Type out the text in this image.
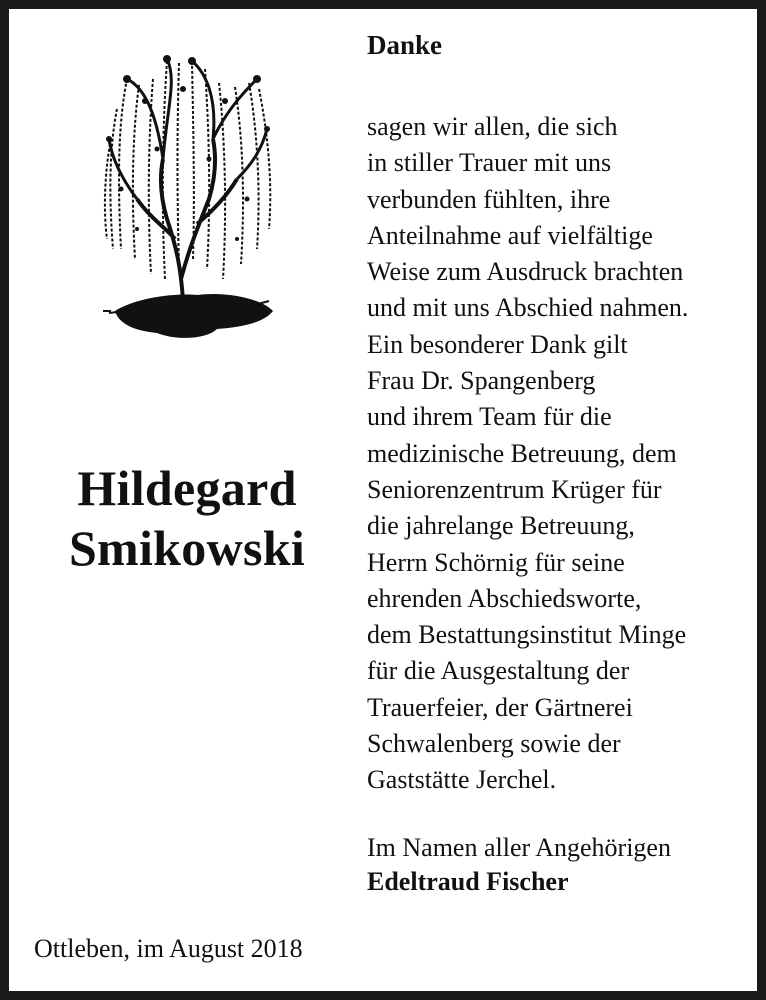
Hildegard
Smikowski
Ottleben, im August 2018
Danke
sagen wir allen, die sich
in stiller Trauer mit uns
verbunden fühlten, ihre
Anteilnahme auf vielfältige
Weise zum Ausdruck brachten
und mit uns Abschied nahmen.
Ein besonderer Dank gilt
Frau Dr. Spangenberg
und ihrem Team für die
medizinische Betreuung, dem
Seniorenzentrum Krüger für
die jahrelange Betreuung,
Herrn Schörnig für seine
ehrenden Abschiedsworte,
dem Bestattungsinstitut Minge
für die Ausgestaltung der
Trauerfeier, der Gärtnerei
Schwalenberg sowie der
Gaststätte Jerchel.
Im Namen aller Angehörigen
Edeltraud Fischer
